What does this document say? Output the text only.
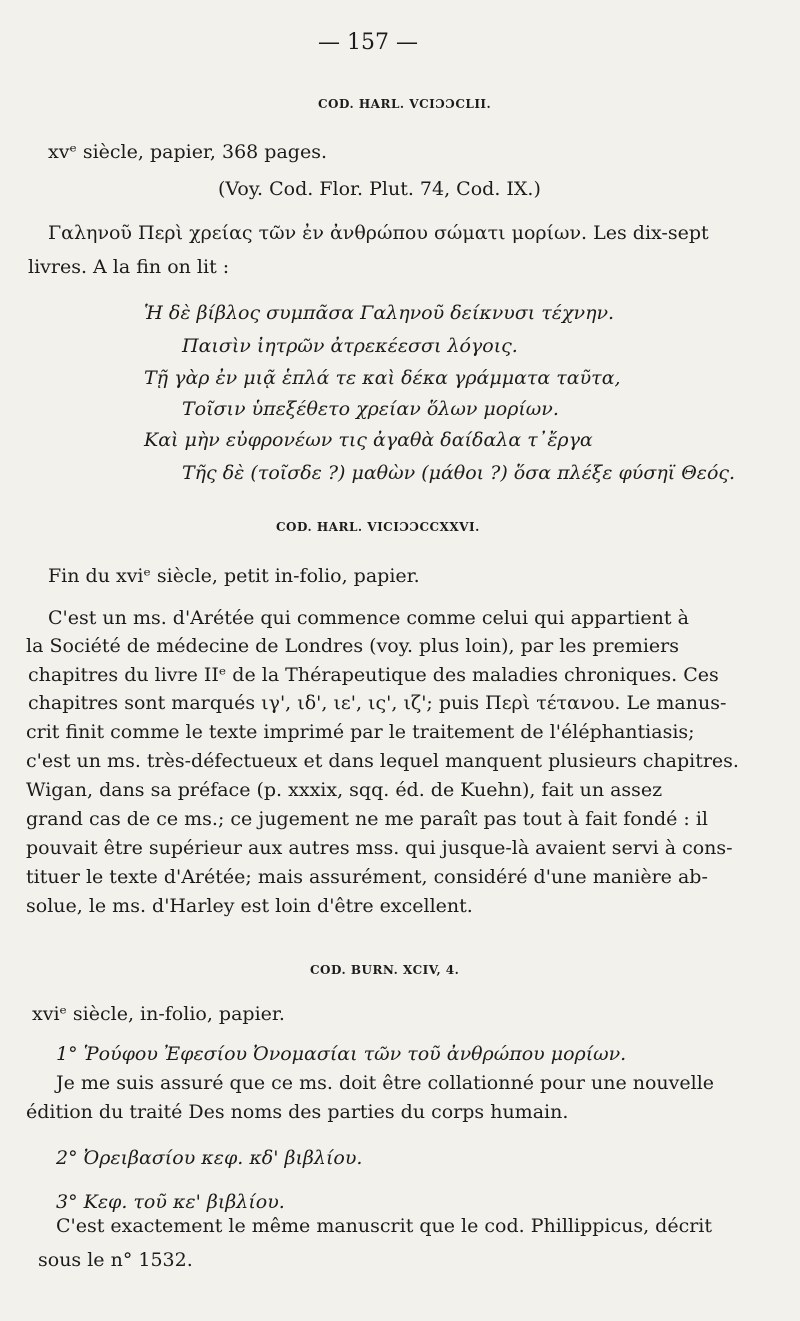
— 157 —
COD. HARL. VCIƆƆCLII.
xvᵉ siècle, papier, 368 pages.
(Voy. Cod. Flor. Plut. 74, Cod. IX.)
Γαληνοῦ Περὶ χρείας τῶν ἐν ἀνθρώπου σώματι μορίων. Les dix-sept
livres. A la fin on lit :
Ἡ δὲ βίβλος συμπᾶσα Γαληνοῦ δείκνυσι τέχνην.
Παισὶν ἰητρῶν ἀτρεκέεσσι λόγοις.
Τῇ γὰρ ἐν μιᾷ ἑπλά τε καὶ δέκα γράμματα ταῦτα,
Τοῖσιν ὑπεξέθετο χρείαν ὅλων μορίων.
Καὶ μὴν εὐφρονέων τις ἀγαθὰ δαίδαλα τ᾽ἔργα
Τῆς δὲ (τοῖσδε ?) μαθὼν (μάθοι ?) ὅσα πλέξε φύσηϊ Θεός.
COD. HARL. VICIƆƆCCXXVI.
Fin du xviᵉ siècle, petit in-folio, papier.
C'est un ms. d'Arétée qui commence comme celui qui appartient à
la Société de médecine de Londres (voy. plus loin), par les premiers
chapitres du livre IIᵉ de la Thérapeutique des maladies chroniques. Ces
chapitres sont marqués ιγ', ιδ', ιε', ις', ιζ'; puis Περὶ τέτανου. Le manus-
crit finit comme le texte imprimé par le traitement de l'éléphantiasis;
c'est un ms. très-défectueux et dans lequel manquent plusieurs chapitres.
Wigan, dans sa préface (p. xxxix, sqq. éd. de Kuehn), fait un assez
grand cas de ce ms.; ce jugement ne me paraît pas tout à fait fondé : il
pouvait être supérieur aux autres mss. qui jusque-là avaient servi à cons-
tituer le texte d'Arétée; mais assurément, considéré d'une manière ab-
solue, le ms. d'Harley est loin d'être excellent.
COD. BURN. XCIV, 4.
xviᵉ siècle, in-folio, papier.
1° Ῥούφου Ἐφεσίου Ὀνομασίαι τῶν τοῦ ἀνθρώπου μορίων.
Je me suis assuré que ce ms. doit être collationné pour une nouvelle
édition du traité Des noms des parties du corps humain.
2° Ὀρειβασίου κεφ. κδ' βιβλίου.
3° Κεφ. τοῦ κε' βιβλίου.
C'est exactement le même manuscrit que le cod. Phillippicus, décrit
sous le n° 1532.
